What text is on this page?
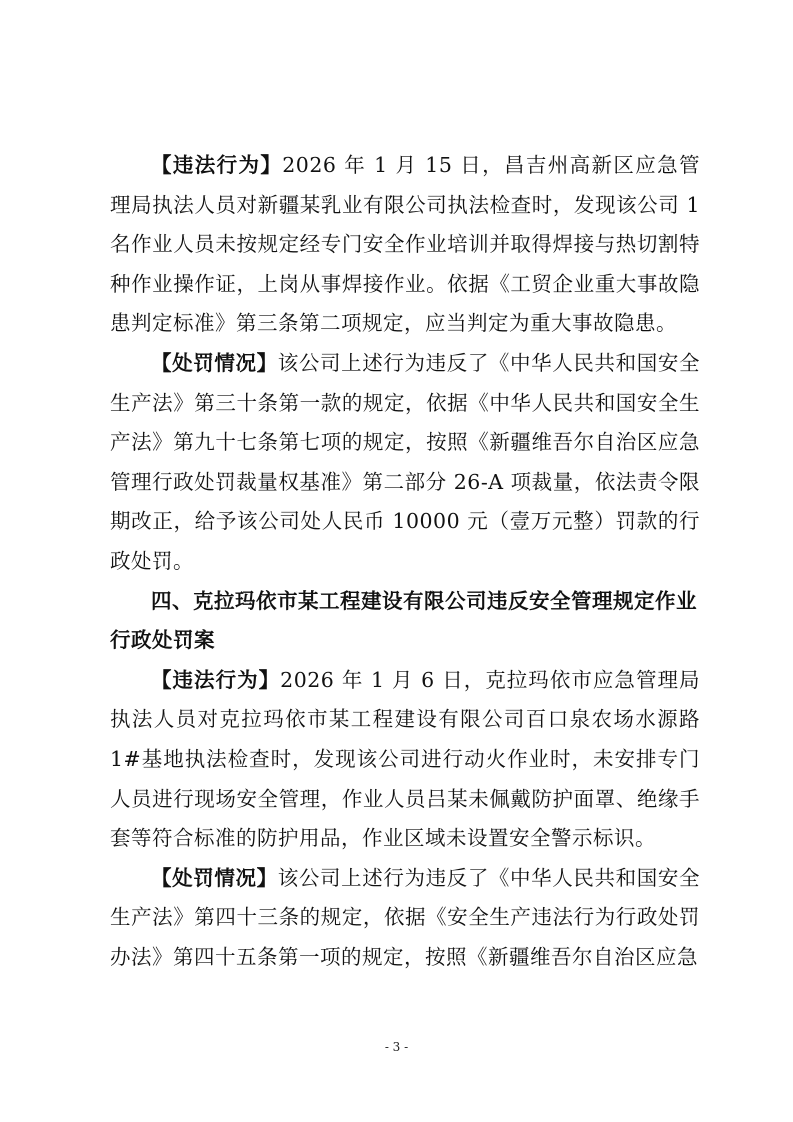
【违法行为】2026 年 1 月 15 日，昌吉州高新区应急管理局执法人员对新疆某乳业有限公司执法检查时，发现该公司 1 名作业人员未按规定经专门安全作业培训并取得焊接与热切割特种作业操作证，上岗从事焊接作业。依据《工贸企业重大事故隐患判定标准》第三条第二项规定，应当判定为重大事故隐患。

【处罚情况】该公司上述行为违反了《中华人民共和国安全生产法》第三十条第一款的规定，依据《中华人民共和国安全生产法》第九十七条第七项的规定，按照《新疆维吾尔自治区应急管理行政处罚裁量权基准》第二部分 26-A 项裁量，依法责令限期改正，给予该公司处人民币 10000 元（壹万元整）罚款的行政处罚。

四、克拉玛依市某工程建设有限公司违反安全管理规定作业行政处罚案

【违法行为】2026 年 1 月 6 日，克拉玛依市应急管理局执法人员对克拉玛依市某工程建设有限公司百口泉农场水源路 1#基地执法检查时，发现该公司进行动火作业时，未安排专门人员进行现场安全管理，作业人员吕某未佩戴防护面罩、绝缘手套等符合标准的防护用品，作业区域未设置安全警示标识。

【处罚情况】该公司上述行为违反了《中华人民共和国安全生产法》第四十三条的规定，依据《安全生产违法行为行政处罚办法》第四十五条第一项的规定，按照《新疆维吾尔自治区应急

- 3 -
